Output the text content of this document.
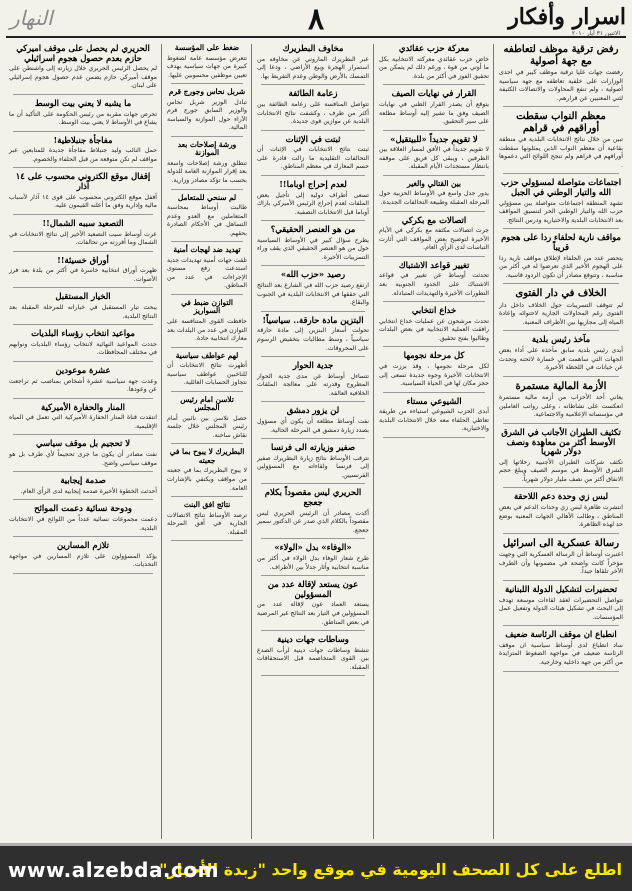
اسرار وأفكار
الاثنين ٣١ أيار ٢٠١٠
٨
النهار
رفض ترقية موظف لتعاطفه مع جهة أصولية

رفضت جهات عليا ترقية موظف كبير في احدى الوزارات على خلفية تعاطفه مع جهة سياسية أصولية ، ولم تنفع المحاولات والاتصالات الكثيفة لثني المعنيين عن قرارهم.

معظم النواب سقطت أوراقهم في قراهم

تبين من خلال نتائج الانتخابات البلدية في منطقة بقاعية أن معظم النواب الذين يمثلونها سقطت أوراقهم في قراهم ولم تنجح اللوائح التي دعموها .

اجتماعات متواصلة لمسؤولي حزب الله والتيار الوطني في الجبل

تشهد المنطقة اجتماعات متواصلة بين مسؤولي حزب الله والتيار الوطني الحر لتنسيق المواقف بعد الانتخابات البلدية والاختيارية ودرس النتائج.

مواقف نارية لحلفاء ردا على هجوم قريباً

يتحضر عدد من الحلفاء لإطلاق مواقف نارية ردا على الهجوم الأخير الذي تعرضوا له في أكثر من مناسبة ، وتتوقع مصادر أن تكون الردود قاسية.

الخلاف في دار الفتوى

لم تتوقف التسريبات حول الخلاف داخل دار الفتوى رغم المحاولات الجارية لاحتوائه وإعادة المياه إلى مجاريها بين الأطراف المعنية.

مآخذ رئيس بلدية

أبدى رئيس بلدية سابق مآخذه على أداء بعض الجهات التي ساهمت في خسارة لائحته وتحدث عن خيانات في اللحظة الأخيرة.

الأزمة المالية مستمرة

يعاني أحد الأحزاب من أزمة مالية مستمرة انعكست على نشاطاته ، وعلى رواتب العاملين في مؤسساته الإعلامية والاجتماعية.

تكثيف الطيران الأجانب في الشرق الأوسط أكثر من معاهدة ونصف دولار شهرياً

تكثف شركات الطيران الأجنبية رحلاتها إلى الشرق الأوسط في موسم الصيف ويبلغ حجم الانفاق أكثر من نصف مليار دولار شهرياً.

لبس زي وحدة دعم اللاحقة

انتشرت ظاهرة لبس زي وحدات الدعم في بعض المناطق ، وطالب الأهالي الجهات المعنية بوضع حد لهذه الظاهرة.

رسالة عسكرية الى اسرائيل

اعتبرت أوساط أن الرسالة العسكرية التي وجهت مؤخراً كانت واضحة في مضمونها وأن الطرف الآخر تلقاها جيداً.

تحضيرات لتشكيل الدولة اللبنانية

تتواصل التحضيرات لعقد لقاءات موسعة تهدف إلى البحث في تشكيل هيئات الدولة وتفعيل عمل المؤسسات.

انطباع ان موقف الرئاسة ضعيف

ساد انطباع لدى أوساط سياسية ان موقف الرئاسة ضعيف في مواجهة الضغوط المتزايدة من أكثر من جهة داخلية وخارجية.

معركة حزب عقائدي

خاض حزب عقائدي معركته الانتخابية بكل ما أوتي من قوة ، ورغم ذلك لم يتمكن من تحقيق الفوز في أكثر من بلدة.

القرار في نهايات الصيف

يتوقع أن يصدر القرار الظني في نهايات الصيف وفق ما تشير إليه أوساط مطلعة على سير التحقيق.

لا تقويم جديداً «للبيتقيل»

لا تقويم جديداً في الأفق لمسار العلاقة بين الطرفين ، ويبقى كل فريق على موقفه بانتظار مستجدات الأيام المقبلة.

بين القتالي والغير

يدور جدل واسع في الأوساط الحزبية حول المرحلة المقبلة وطبيعة التحالفات الجديدة.

اتصالات مع بكركي

جرت اتصالات مكثفة مع بكركي في الأيام الأخيرة لتوضيح بعض المواقف التي أثارت التباسات لدى الرأي العام.

تغيير قواعد الاشتباك

تحدثت أوساط عن تغيير في قواعد الاشتباك على الحدود الجنوبية بعد التطورات الأخيرة والتهديدات المتبادلة.

خداع انتخابي

تحدث مرشحون عن عمليات خداع انتخابي رافقت العملية الانتخابية في بعض البلدات وطالبوا بفتح تحقيق.

كل مرحلة نجومها

لكل مرحلة نجومها ، وقد برزت في الانتخابات الأخيرة وجوه جديدة تسعى إلى حجز مكان لها في الحياة السياسية.

الشيوعي مستاء

أبدى الحزب الشيوعي استياءه من طريقة تعاطي الحلفاء معه خلال الانتخابات البلدية والاختيارية.

مخاوف البطريرك

عبر البطريرك الماروني عن مخاوفه من استمرار الهجرة وبيع الأراضي ، ودعا إلى التمسك بالأرض والوطن وعدم التفريط بها.

زعامة الطائفة

تتواصل المنافسة على زعامة الطائفة بين أكثر من طرف ، وكشفت نتائج الانتخابات البلدية عن موازين قوى جديدة.

ثبتت في الإثنات

ثبتت نتائج الانتخابات في الإثنات أن التحالفات التقليدية ما زالت قادرة على حسم المعارك في معظم المناطق.

لعدم إحراج اوباما!!

تسعى أطراف دولية إلى تأجيل بعض الملفات لعدم إحراج الرئيس الأميركي باراك أوباما قبل الانتخابات النصفية.

من هو العنصر الحقيقي؟

يطرح سؤال كبير في الأوساط السياسية حول من هو العنصر الحقيقي الذي يقف وراء التسريبات الأخيرة.

رصيد «حزب الله»

ارتفع رصيد حزب الله في الشارع بعد النتائج التي حققها في الانتخابات البلدية في الجنوب والبقاع.

البتزين مادة حارقة.. سياسياً!

تحولت أسعار البنزين إلى مادة حارقة سياسياً ، وسط مطالبات بتخفيض الرسوم على المحروقات.

جدية الحوار

تتساءل أوساط عن مدى جدية الحوار المطروح وقدرته على معالجة الملفات الخلافية العالقة.

لن يزور دمشق

نفت أوساط مطلعة أن يكون أي مسؤول بصدد زيارة دمشق في المرحلة الحالية.

صفير وزيارته الى فرنسا

تترقب الأوساط نتائج زيارة البطريرك صفير إلى فرنسا ولقاءاته مع المسؤولين الفرنسيين.

الحريري ليس مقصوداً بكلام جعجع

أكدت مصادر أن الرئيس الحريري ليس مقصوداً بالكلام الذي صدر عن الدكتور سمير جعجع.

«الوفاء» بدل «الولاء»

طرح شعار الوفاء بدل الولاء في أكثر من مناسبة انتخابية وأثار جدلاً بين الأطراف.

عون يستعد لإقالة عدد من المسؤولين

يستعد العماد عون لإقالة عدد من المسؤولين في التيار بعد النتائج غير المرضية في بعض المناطق.

وساطات جهات دينية

تنشط وساطات جهات دينية لرأب الصدع بين القوى المتخاصمة قبل الاستحقاقات المقبلة.

ضغط على المؤسسة

تتعرض مؤسسة عامة لضغوط كبيرة من جهات سياسية بهدف تعيين موظفين محسوبين عليها.

شربل نحاس وجورج قرم

تبادل الوزير شربل نحاس والوزير السابق جورج قرم الآراء حول الموازنة والسياسة المالية.

ورشة إصلاحات بعد الموازنة

تنطلق ورشة إصلاحات واسعة بعد إقرار الموازنة العامة للدولة بحسب ما تؤكد مصادر وزارية.

لم سنحي للمتعامل

طالبت أوساط بمحاسبة المتعاملين مع العدو وعدم التساهل في الأحكام الصادرة بحقهم.

تهديد ضد لهجات أمنية

تلقت جهات أمنية تهديدات جدية استدعت رفع مستوى الإجراءات في عدد من المناطق.

التوازن ضبط في السواريز

حافظت القوى المتنافسة على التوازن في عدد من البلدات بعد معارك انتخابية حادة.

لهم عواطف سياسية

أظهرت نتائج الانتخابات أن للناخبين عواطف سياسية تتجاوز الحسابات العائلية.

تلاسن امام رئيس المجلس

حصل تلاسن بين نائبين أمام رئيس المجلس خلال جلسة نقاش ساخنة.

البطريرك لا يبوح بما في جعبته

لا يبوح البطريرك بما في جعبته من مواقف ويكتفي بالإشارات العامة.

نتائج افق البنت

ترصد الأوساط نتائج الاتصالات الجارية في أفق المرحلة المقبلة.

الحريري لم يحصل على موقف اميركي حازم بعدم حصول هجوم اسرائيلي

لم يحصل الرئيس الحريري خلال زيارته إلى واشنطن على موقف أميركي حازم يضمن عدم حصول هجوم إسرائيلي على لبنان.

ما يشبه لا يعني بيت الوسط

تحرص جهات مقربة من رئيس الحكومة على التأكيد أن ما يشاع في الأوساط لا يعني بيت الوسط.

مفاجأة جنبلاطية!

حمل النائب وليد جنبلاط مفاجأة جديدة للمتابعين عبر مواقف لم تكن متوقعة من قبل الحلفاء والخصوم.

إقفال موقع الكتروني محسوب على ١٤ آذار

أقفل موقع الكتروني محسوب على قوى ١٤ آذار لأسباب مالية وإدارية وفق ما أعلنه القيمون عليه.

التصعيد سببه الشمال!!

عزت أوساط سبب التصعيد الأخير إلى نتائج الانتخابات في الشمال وما أفرزته من تحالفات.

أوراق خسيئة!!

ظهرت أوراق انتخابية خاسرة في أكثر من بلدة بعد فرز الأصوات.

الخيار المستقبل

يبحث تيار المستقبل في خياراته للمرحلة المقبلة بعد النتائج البلدية.

مواعيد انتخاب رؤساء البلديات

حددت المواعيد النهائية لانتخاب رؤساء البلديات ونوابهم في مختلف المحافظات.

عشرة موعودين

وعدت جهة سياسية عشرة أشخاص بمناصب ثم تراجعت عن وعودها.

المنار والحفارة الأميركية

انتقدت قناة المنار الحفارة الأميركية التي تعمل في المياه الإقليمية.

لا تحجيم بل موقف سياسي

نفت مصادر أن يكون ما جرى تحجيماً لأي طرف بل هو موقف سياسي واضح.

صدمة إيجابية

أحدثت الخطوة الأخيرة صدمة إيجابية لدى الرأي العام.

ودوحة نسائية دعمت الموائح

دعمت مجموعات نسائية عدداً من اللوائح في الانتخابات البلدية.

تلازم المسارين

يؤكد المسؤولون على تلازم المسارين في مواجهة التحديات.

اطلع على كل الصحف اليومية في موقع واحد "زبدة الأخبار"
www.alzebda.com
